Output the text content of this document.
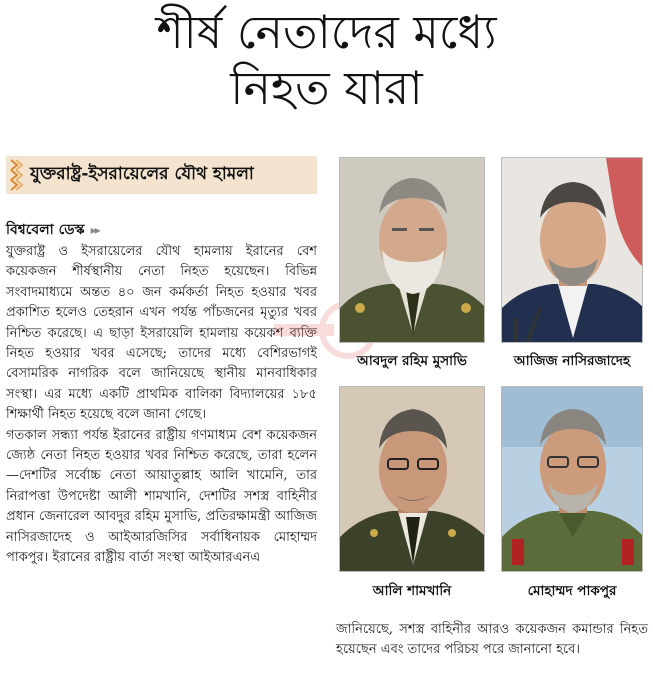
শীর্ষ নেতাদের মধ্যে
নিহত যারা
যুক্তরাষ্ট্র-ইসরায়েলের যৌথ হামলা
বিশ্ববেলা ডেস্ক ▸▸

যুক্তরাষ্ট্র ও ইসরায়েলের যৌথ হামলায় ইরানের বেশ কয়েকজন শীর্ষস্থানীয় নেতা নিহত হয়েছেন। বিভিন্ন সংবাদমাধ্যমে অন্তত ৪০ জন কর্মকর্তা নিহত হওয়ার খবর প্রকাশিত হলেও তেহরান এখন পর্যন্ত পাঁচজনের মৃত্যুর খবর নিশ্চিত করেছে। এ ছাড়া ইসরায়েলি হামলায় কয়েকশ ব্যক্তি নিহত হওয়ার খবর এসেছে; তাদের মধ্যে বেশিরভাগই বেসামরিক নাগরিক বলে জানিয়েছে স্থানীয় মানবাধিকার সংস্থা। এর মধ্যে একটি প্রাথমিক বালিকা বিদ্যালয়ের ১৮৫ শিক্ষার্থী নিহত হয়েছে বলে জানা গেছে।

গতকাল সন্ধ্যা পর্যন্ত ইরানের রাষ্ট্রীয় গণমাধ্যম বেশ কয়েকজন জ্যেষ্ঠ নেতা নিহত হওয়ার খবর নিশ্চিত করেছে, তারা হলেন—দেশটির সর্বোচ্চ নেতা আয়াতুল্লাহ আলি খামেনি, তার নিরাপত্তা উপদেষ্টা আলী শামখানি, দেশটির সশস্ত্র বাহিনীর প্রধান জেনারেল আবদুর রহিম মুসাভি, প্রতিরক্ষামন্ত্রী আজিজ নাসিরজাদেহ ও আইআরজিসির সর্বাধিনায়ক মোহাম্মদ পাকপুর। ইরানের রাষ্ট্রীয় বার্তা সংস্থা আইআরএনএ

আবদুল রহিম মুসাভি	আজিজ নাসিরজাদেহ
আলি শামখানি	মোহাম্মদ পাকপুর
জানিয়েছে, সশস্ত্র বাহিনীর আরও কয়েকজন কমান্ডার নিহত হয়েছেন এবং তাদের পরিচয় পরে জানানো হবে।
